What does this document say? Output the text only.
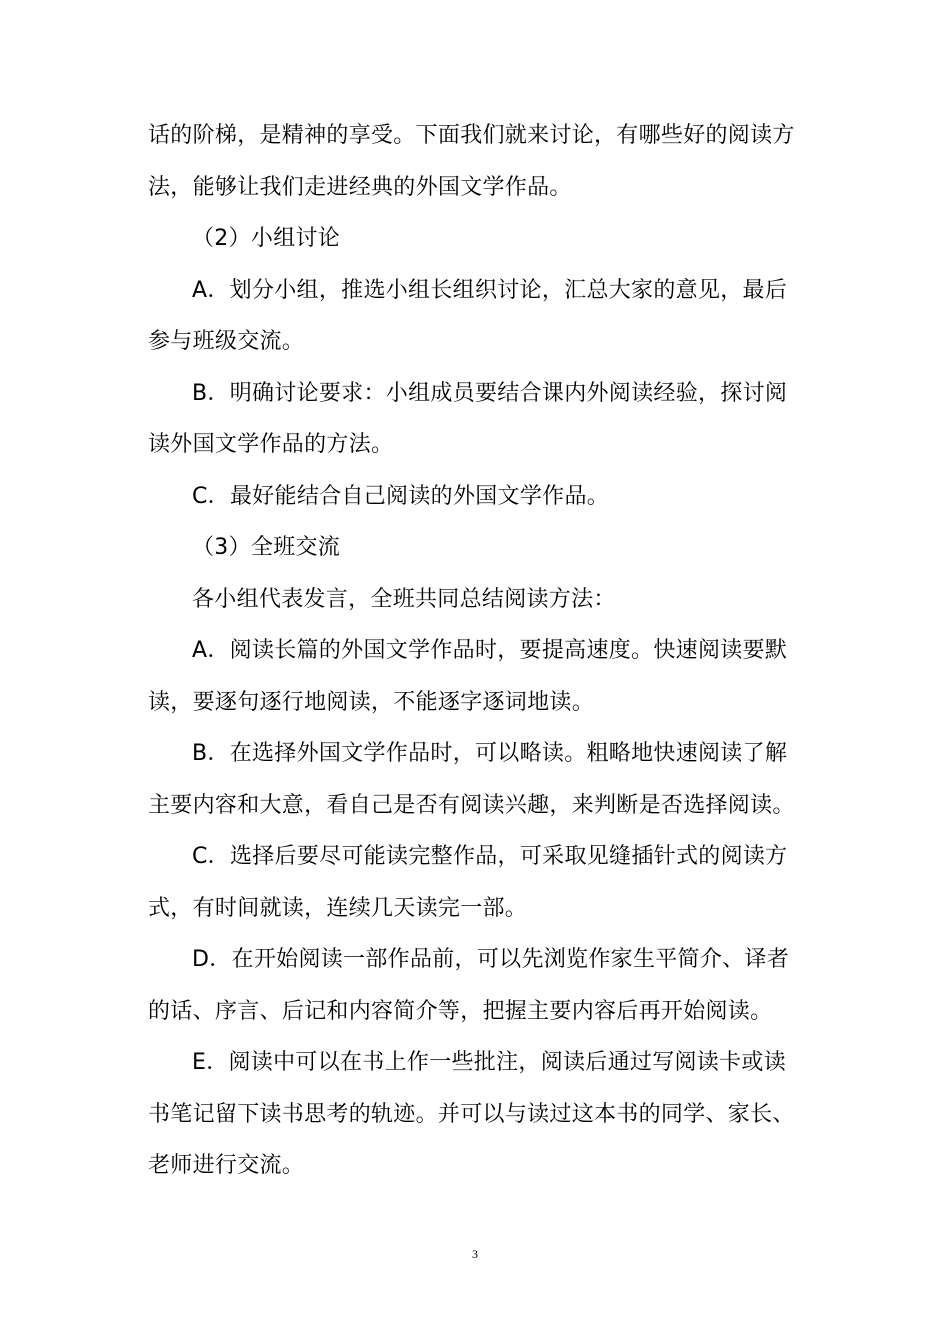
话的阶梯，是精神的享受。下面我们就来讨论，有哪些好的阅读方
法，能够让我们走进经典的外国文学作品。
（2）小组讨论
A．划分小组，推选小组长组织讨论，汇总大家的意见，最后
参与班级交流。
B．明确讨论要求：小组成员要结合课内外阅读经验，探讨阅
读外国文学作品的方法。
C．最好能结合自己阅读的外国文学作品。
（3）全班交流
各小组代表发言，全班共同总结阅读方法：
A．阅读长篇的外国文学作品时，要提高速度。快速阅读要默
读，要逐句逐行地阅读，不能逐字逐词地读。
B．在选择外国文学作品时，可以略读。粗略地快速阅读了解
主要内容和大意，看自己是否有阅读兴趣，来判断是否选择阅读。
C．选择后要尽可能读完整作品，可采取见缝插针式的阅读方
式，有时间就读，连续几天读完一部。
D．在开始阅读一部作品前，可以先浏览作家生平简介、译者
的话、序言、后记和内容简介等，把握主要内容后再开始阅读。
E．阅读中可以在书上作一些批注，阅读后通过写阅读卡或读
书笔记留下读书思考的轨迹。并可以与读过这本书的同学、家长、
老师进行交流。
3
